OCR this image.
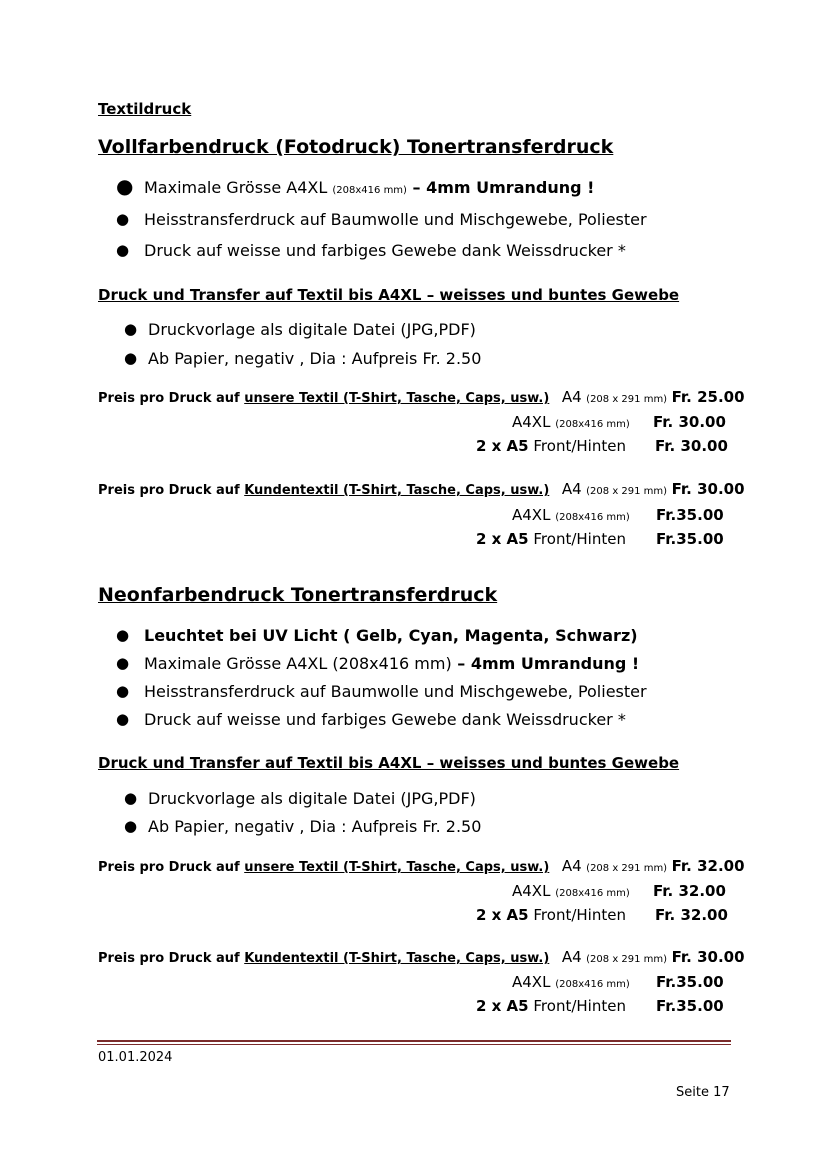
Textildruck
Vollfarbendruck (Fotodruck) Tonertransferdruck
● Maximale Grösse A4XL (208x416 mm) – 4mm Umrandung !
● Heisstransferdruck auf Baumwolle und Mischgewebe, Poliester
● Druck auf weisse und farbiges Gewebe dank Weissdrucker *
Druck und Transfer auf Textil bis A4XL – weisses und buntes Gewebe
● Druckvorlage als digitale Datei (JPG,PDF)
● Ab Papier, negativ , Dia : Aufpreis Fr. 2.50
Preis pro Druck auf unsere Textil (T-Shirt, Tasche, Caps, usw.) A4 (208 x 291 mm) Fr. 25.00
A4XL (208x416 mm) Fr. 30.00
2 x A5 Front/Hinten Fr. 30.00
Preis pro Druck auf Kundentextil (T-Shirt, Tasche, Caps, usw.) A4 (208 x 291 mm) Fr. 30.00
A4XL (208x416 mm) Fr.35.00
2 x A5 Front/Hinten Fr.35.00
Neonfarbendruck Tonertransferdruck
● Leuchtet bei UV Licht ( Gelb, Cyan, Magenta, Schwarz)
● Maximale Grösse A4XL (208x416 mm) – 4mm Umrandung !
● Heisstransferdruck auf Baumwolle und Mischgewebe, Poliester
● Druck auf weisse und farbiges Gewebe dank Weissdrucker *
Druck und Transfer auf Textil bis A4XL – weisses und buntes Gewebe
● Druckvorlage als digitale Datei (JPG,PDF)
● Ab Papier, negativ , Dia : Aufpreis Fr. 2.50
Preis pro Druck auf unsere Textil (T-Shirt, Tasche, Caps, usw.) A4 (208 x 291 mm) Fr. 32.00
A4XL (208x416 mm) Fr. 32.00
2 x A5 Front/Hinten Fr. 32.00
Preis pro Druck auf Kundentextil (T-Shirt, Tasche, Caps, usw.) A4 (208 x 291 mm) Fr. 30.00
A4XL (208x416 mm) Fr.35.00
2 x A5 Front/Hinten Fr.35.00
01.01.2024
Seite 17
